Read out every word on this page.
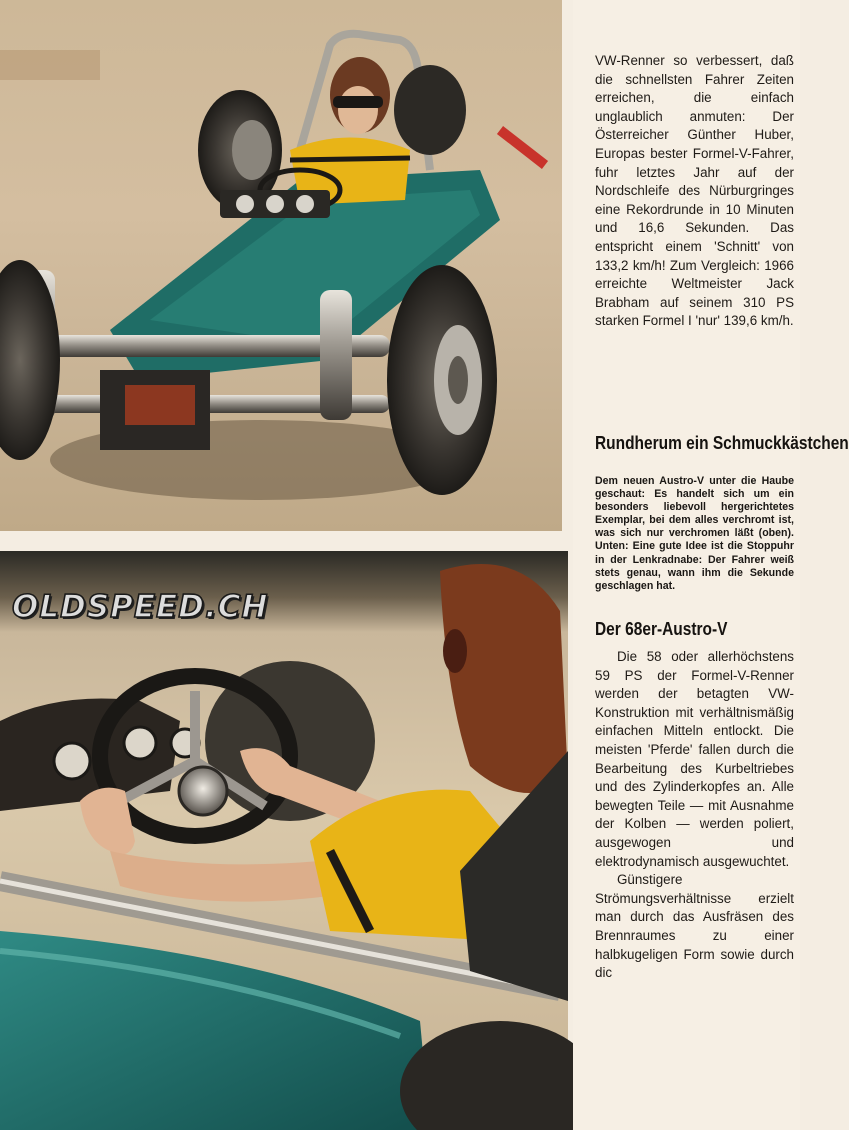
OLDSPEED.CH

VW-Renner so verbessert, daß die schnellsten Fahrer Zeiten erreichen, die einfach unglaublich anmuten: Der Österreicher Günther Huber, Europas bester Formel-V-Fahrer, fuhr letztes Jahr auf der Nordschleife des Nürburgringes eine Rekordrunde in 10 Minuten und 16,6 Sekunden. Das entspricht einem 'Schnitt' von 133,2 km/h! Zum Vergleich: 1966 erreichte Weltmeister Jack Brabham auf seinem 310 PS starken Formel I 'nur' 139,6 km/h.

Rundherum ein Schmuckkästchen

Dem neuen Austro-V unter die Haube geschaut: Es handelt sich um ein besonders liebevoll hergerichtetes Exemplar, bei dem alles verchromt ist, was sich nur verchromen läßt (oben). Unten: Eine gute Idee ist die Stoppuhr in der Lenkradnabe: Der Fahrer weiß stets genau, wann ihm die Sekunde geschlagen hat.

Der 68er-Austro-V

Die 58 oder allerhöchstens 59 PS der Formel-V-Renner werden der betagten VW-Konstruktion mit verhältnismäßig einfachen Mitteln entlockt. Die meisten 'Pferde' fallen durch die Bearbeitung des Kurbeltriebes und des Zylinderkopfes an. Alle bewegten Teile — mit Ausnahme der Kolben — werden poliert, ausgewogen und elektrodynamisch ausgewuchtet.

Günstigere Strömungsverhältnisse erzielt man durch das Ausfräsen des Brennraumes zu einer halbkugeligen Form sowie durch dic
